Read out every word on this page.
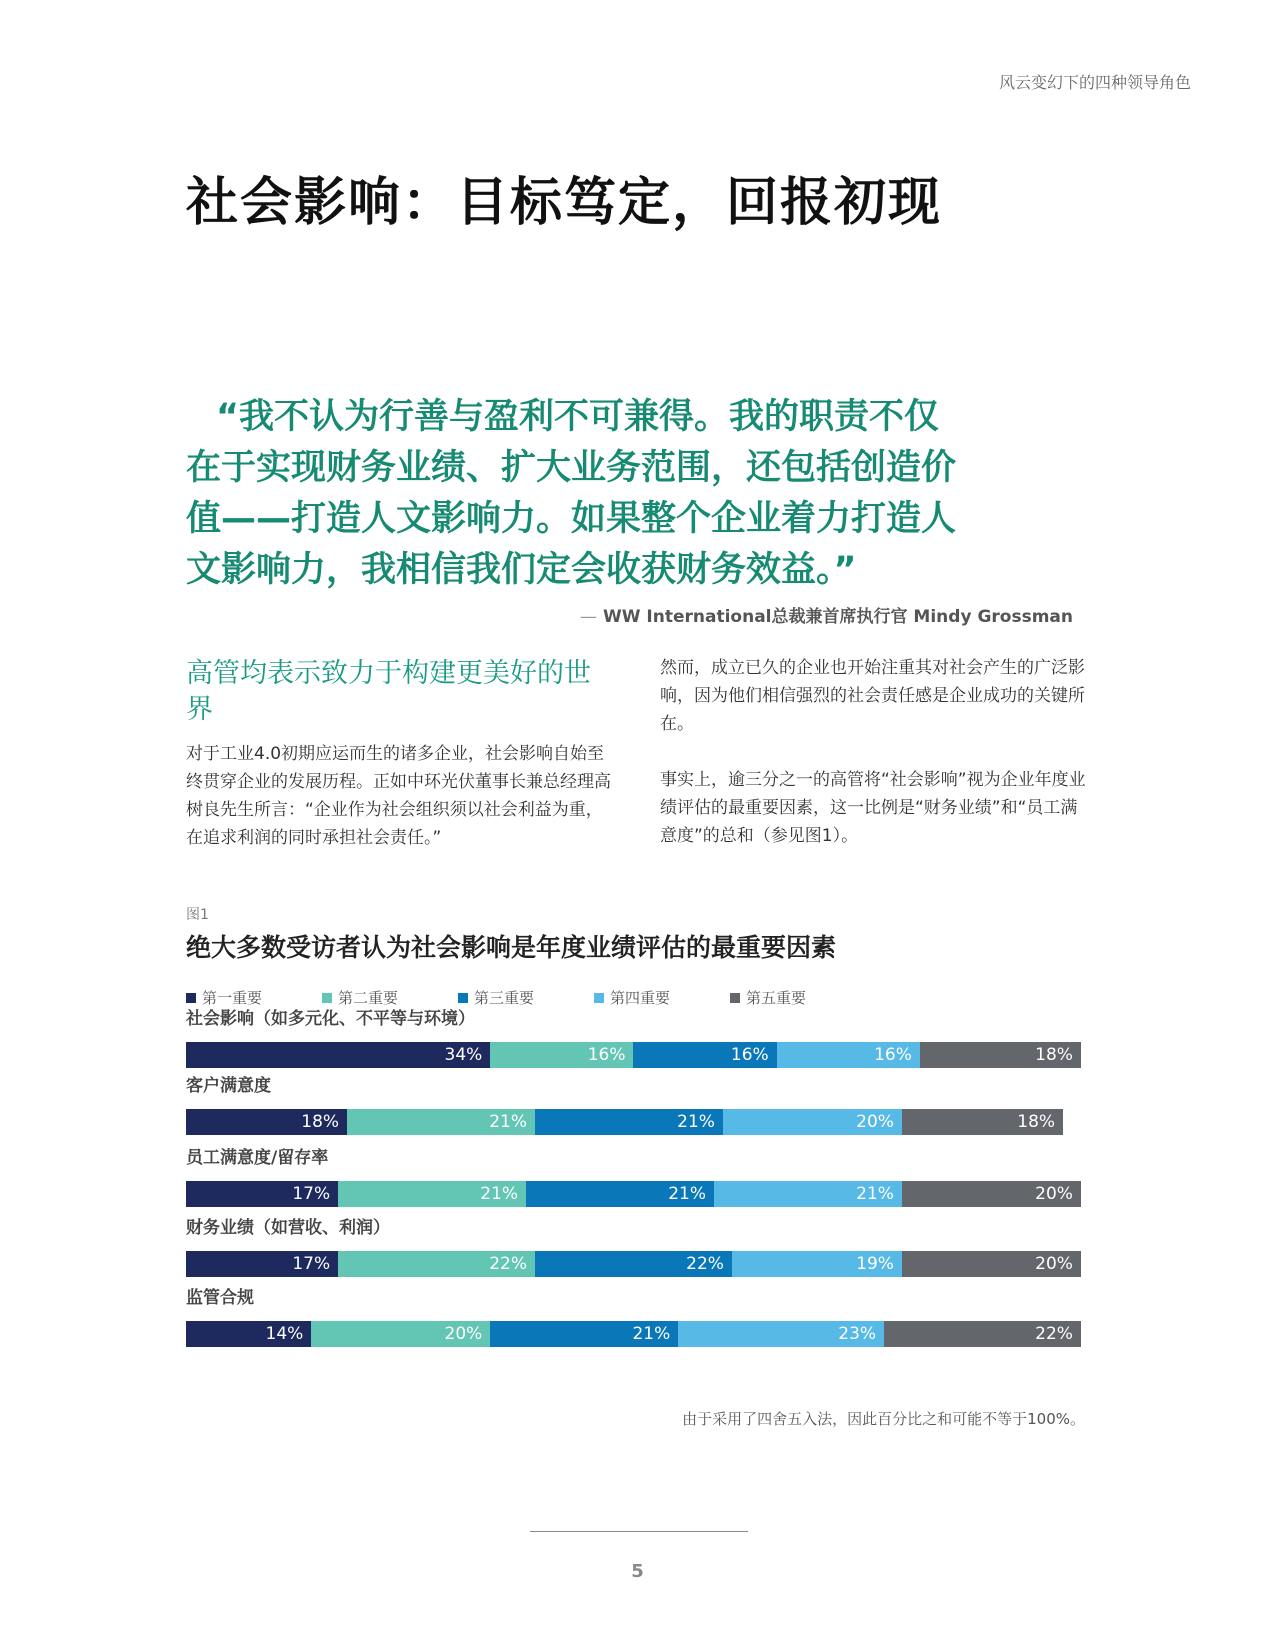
风云变幻下的四种领导角色
社会影响：目标笃定，回报初现
“我不认为行善与盈利不可兼得。我的职责不仅
在于实现财务业绩、扩大业务范围，还包括创造价
值——打造人文影响力。如果整个企业着力打造人
文影响力，我相信我们定会收获财务效益。”
— WW International总裁兼首席执行官 Mindy Grossman
高管均表示致力于构建更美好的世界

对于工业4.0初期应运而生的诸多企业，社会影响自始至终贯穿企业的发展历程。正如中环光伏董事长兼总经理高树良先生所言：“企业作为社会组织须以社会利益为重，在追求利润的同时承担社会责任。”

然而，成立已久的企业也开始注重其对社会产生的广泛影响，因为他们相信强烈的社会责任感是企业成功的关键所在。

事实上，逾三分之一的高管将“社会影响”视为企业年度业绩评估的最重要因素，这一比例是“财务业绩”和“员工满意度”的总和（参见图1）。

图1
绝大多数受访者认为社会影响是年度业绩评估的最重要因素
第一重要	第二重要	第三重要	第四重要	第五重要
社会影响（如多元化、不平等与环境）
34%	16%	16%	16%	18%
客户满意度
18%	21%	21%	20%	18%
员工满意度/留存率
17%	21%	21%	21%	20%
财务业绩（如营收、利润）
17%	22%	22%	19%	20%
监管合规
14%	20%	21%	23%	22%
由于采用了四舍五入法，因此百分比之和可能不等于100%。
5
